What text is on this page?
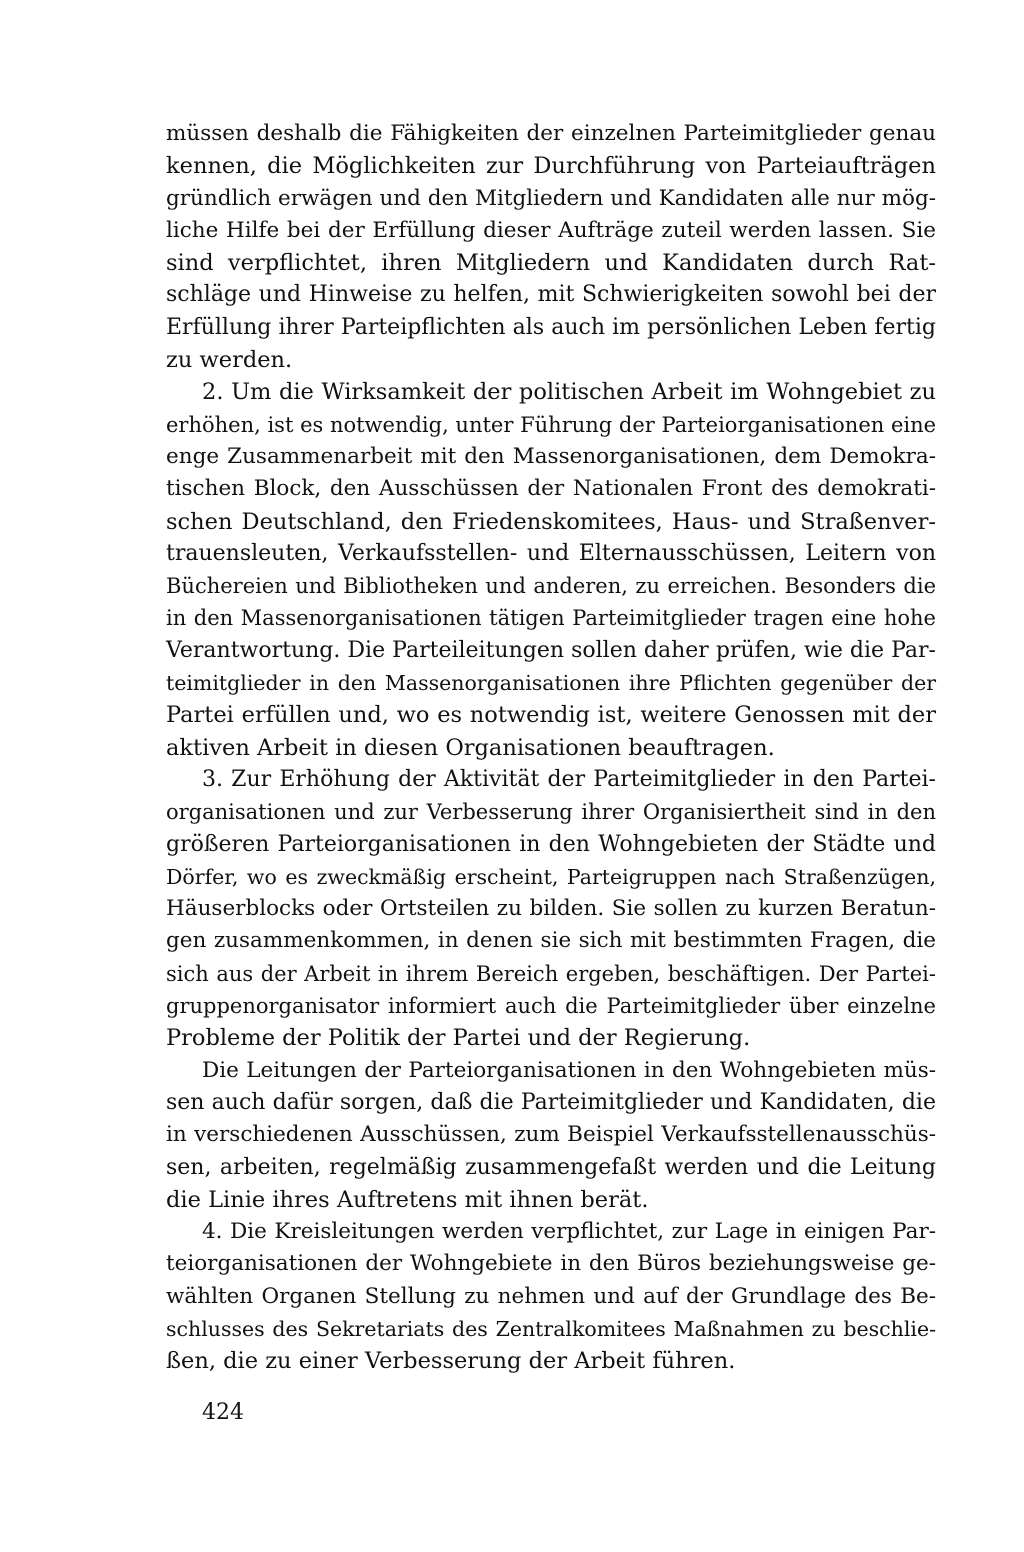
müssen deshalb die Fähigkeiten der einzelnen Parteimitglieder genau
kennen, die Möglichkeiten zur Durchführung von Parteiaufträgen
gründlich erwägen und den Mitgliedern und Kandidaten alle nur mög-
liche Hilfe bei der Erfüllung dieser Aufträge zuteil werden lassen. Sie
sind verpflichtet, ihren Mitgliedern und Kandidaten durch Rat-
schläge und Hinweise zu helfen, mit Schwierigkeiten sowohl bei der
Erfüllung ihrer Parteipflichten als auch im persönlichen Leben fertig
zu werden.
2. Um die Wirksamkeit der politischen Arbeit im Wohngebiet zu
erhöhen, ist es notwendig, unter Führung der Parteiorganisationen eine
enge Zusammenarbeit mit den Massenorganisationen, dem Demokra-
tischen Block, den Ausschüssen der Nationalen Front des demokrati-
schen Deutschland, den Friedenskomitees, Haus- und Straßenver-
trauensleuten, Verkaufsstellen- und Elternausschüssen, Leitern von
Büchereien und Bibliotheken und anderen, zu erreichen. Besonders die
in den Massenorganisationen tätigen Parteimitglieder tragen eine hohe
Verantwortung. Die Parteileitungen sollen daher prüfen, wie die Par-
teimitglieder in den Massenorganisationen ihre Pflichten gegenüber der
Partei erfüllen und, wo es notwendig ist, weitere Genossen mit der
aktiven Arbeit in diesen Organisationen beauftragen.
3. Zur Erhöhung der Aktivität der Parteimitglieder in den Partei-
organisationen und zur Verbesserung ihrer Organisiertheit sind in den
größeren Parteiorganisationen in den Wohngebieten der Städte und
Dörfer, wo es zweckmäßig erscheint, Parteigruppen nach Straßenzügen,
Häuserblocks oder Ortsteilen zu bilden. Sie sollen zu kurzen Beratun-
gen zusammenkommen, in denen sie sich mit bestimmten Fragen, die
sich aus der Arbeit in ihrem Bereich ergeben, beschäftigen. Der Partei-
gruppenorganisator informiert auch die Parteimitglieder über einzelne
Probleme der Politik der Partei und der Regierung.
Die Leitungen der Parteiorganisationen in den Wohngebieten müs-
sen auch dafür sorgen, daß die Parteimitglieder und Kandidaten, die
in verschiedenen Ausschüssen, zum Beispiel Verkaufsstellenausschüs-
sen, arbeiten, regelmäßig zusammengefaßt werden und die Leitung
die Linie ihres Auftretens mit ihnen berät.
4. Die Kreisleitungen werden verpflichtet, zur Lage in einigen Par-
teiorganisationen der Wohngebiete in den Büros beziehungsweise ge-
wählten Organen Stellung zu nehmen und auf der Grundlage des Be-
schlusses des Sekretariats des Zentralkomitees Maßnahmen zu beschlie-
ßen, die zu einer Verbesserung der Arbeit führen.
424
